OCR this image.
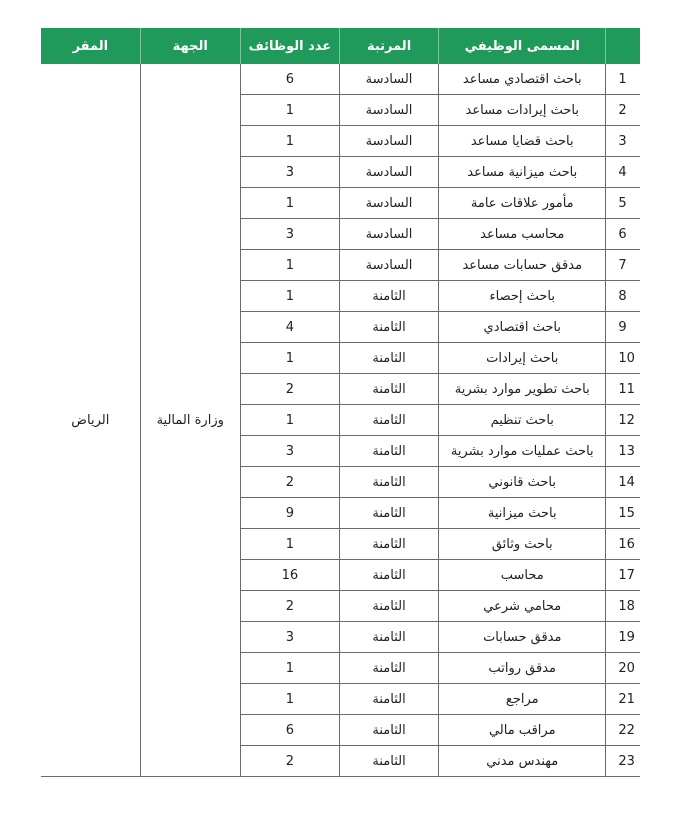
المقر	الجهة	عدد الوظائف	المرتبة	المسمى الوظيفي	
الرياض	وزارة المالية	6	السادسة	باحث اقتصادي مساعد	1
		1	السادسة	باحث إيرادات مساعد	2
		1	السادسة	باحث قضايا مساعد	3
		3	السادسة	باحث ميزانية مساعد	4
		1	السادسة	مأمور علاقات عامة	5
		3	السادسة	محاسب مساعد	6
		1	السادسة	مدقق حسابات مساعد	7
		1	الثامنة	باحث إحصاء	8
		4	الثامنة	باحث اقتصادي	9
		1	الثامنة	باحث إيرادات	10
		2	الثامنة	باحث تطوير موارد بشرية	11
		1	الثامنة	باحث تنظيم	12
		3	الثامنة	باحث عمليات موارد بشرية	13
		2	الثامنة	باحث قانوني	14
		9	الثامنة	باحث ميزانية	15
		1	الثامنة	باحث وثائق	16
		16	الثامنة	محاسب	17
		2	الثامنة	محامي شرعي	18
		3	الثامنة	مدقق حسابات	19
		1	الثامنة	مدقق رواتب	20
		1	الثامنة	مراجع	21
		6	الثامنة	مراقب مالي	22
		2	الثامنة	مهندس مدني	23
